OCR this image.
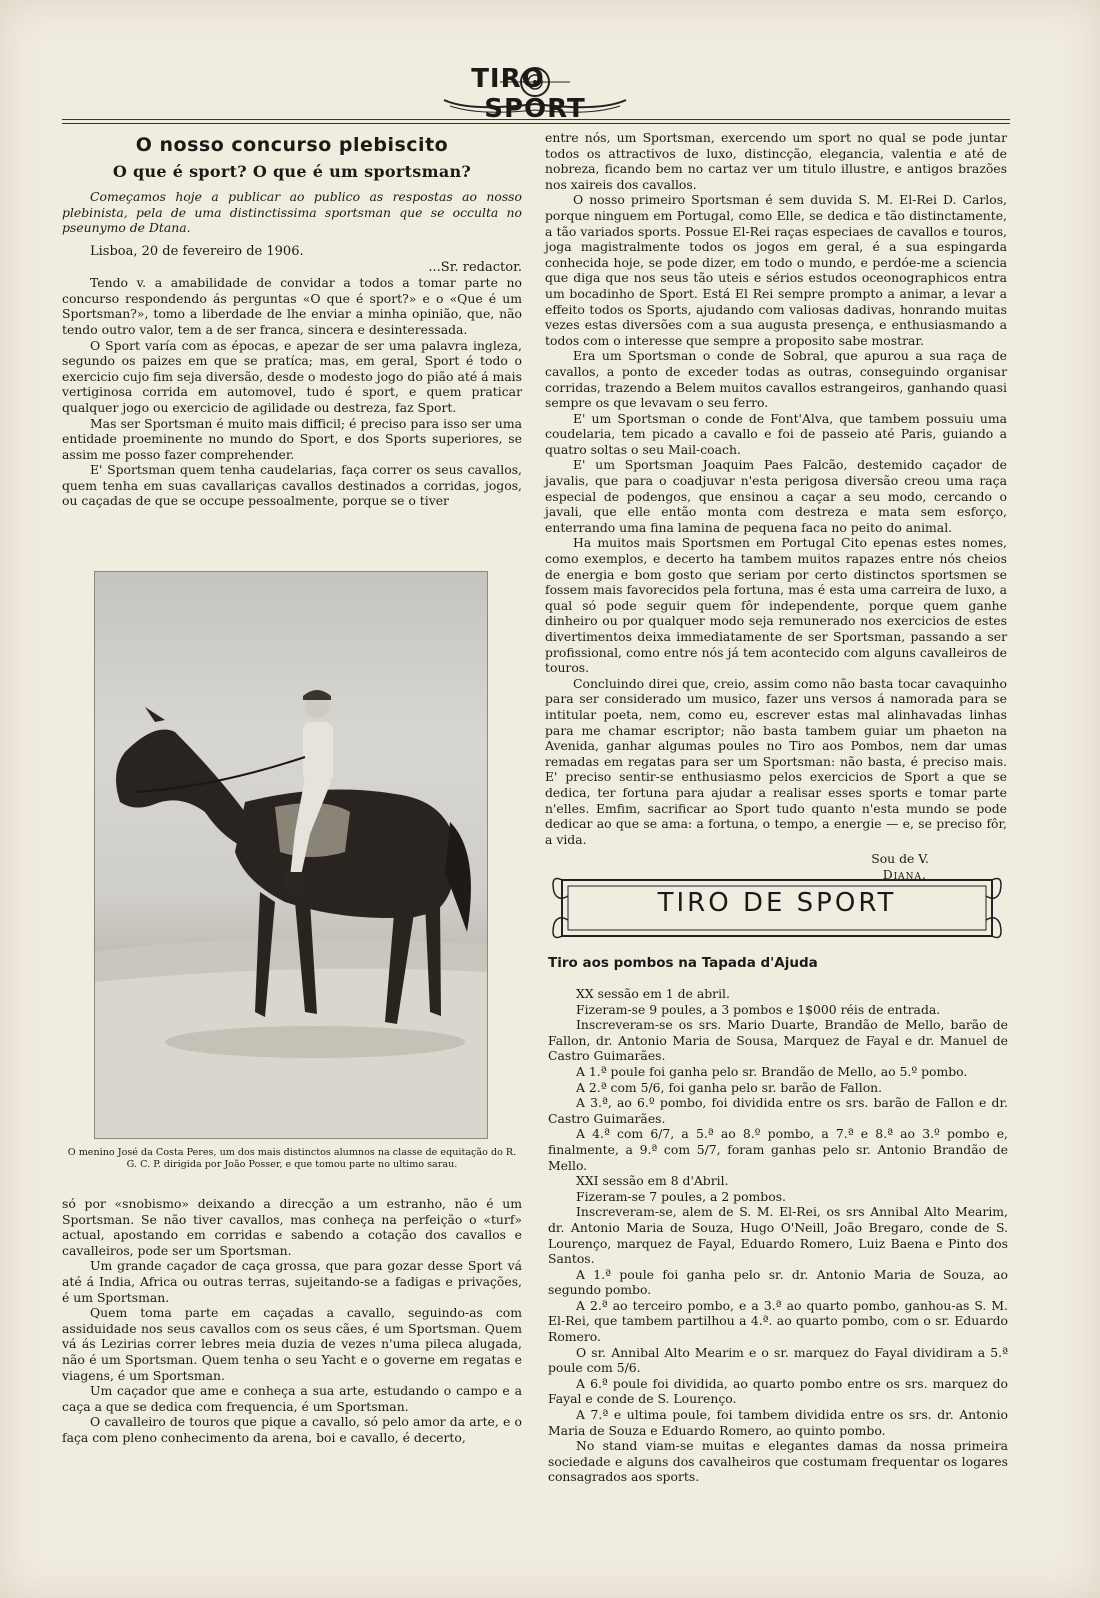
TIRO  SPORT
O nosso concurso plebiscito
O que é sport? O que é um sportsman?

Começamos hoje a publicar ao publico as respostas ao nosso plebinista, pela de uma distinctissima sportsman que se occulta no pseunymo de Dtana.

Lisboa, 20 de fevereiro de 1906.

...Sr. redactor.

Tendo v. a amabilidade de convidar a todos a tomar parte no concurso respondendo ás perguntas «O que é sport?» e o «Que é um Sportsman?», tomo a liberdade de lhe enviar a minha opinião, que, não tendo outro valor, tem a de ser franca, sincera e desinteressada.

O Sport varía com as épocas, e apezar de ser uma palavra ingleza, segundo os paizes em que se pratíca; mas, em geral, Sport é todo o exercicio cujo fim seja diversão, desde o modesto jogo do pião até á mais vertiginosa corrida em automovel, tudo é sport, e quem praticar qualquer jogo ou exercicio de agilidade ou destreza, faz Sport.

Mas ser Sportsman é muito mais difficil; é preciso para isso ser uma entidade proeminente no mundo do Sport, e dos Sports superiores, se assim me posso fazer comprehender.

E' Sportsman quem tenha caudelarias, faça correr os seus cavallos, quem tenha em suas cavallariças cavallos destinados a corridas, jogos, ou caçadas de que se occupe pessoalmente, porque se o tiver

O menino José da Costa Peres, um dos mais distinctos alumnos na classe de equitação do R. G. C. P. dirigida por João Posser, e que tomou parte no ultimo sarau.

só por «snobismo» deixando a direcção a um estranho, não é um Sportsman. Se não tiver cavallos, mas conheça na perfeição o «turf» actual, apostando em corridas e sabendo a cotação dos cavallos e cavalleiros, pode ser um Sportsman.

Um grande caçador de caça grossa, que para gozar desse Sport vá até á India, Africa ou outras terras, sujeitando-se a fadigas e privações, é um Sportsman.

Quem toma parte em caçadas a cavallo, seguindo-as com assiduidade nos seus cavallos com os seus cães, é um Sportsman. Quem vá ás Lezirias correr lebres meia duzia de vezes n'uma pileca alugada, não é um Sportsman. Quem tenha o seu Yacht e o governe em regatas e viagens, é um Sportsman.

Um caçador que ame e conheça a sua arte, estudando o campo e a caça a que se dedica com frequencia, é um Sportsman.

O cavalleiro de touros que pique a cavallo, só pelo amor da arte, e o faça com pleno conhecimento da arena, boi e cavallo, é decerto,

entre nós, um Sportsman, exercendo um sport no qual se pode juntar todos os attractivos de luxo, distincção, elegancia, valentia e até de nobreza, ficando bem no cartaz ver um titulo illustre, e antigos brazões nos xaireis dos cavallos.

O nosso primeiro Sportsman é sem duvida S. M. El-Rei D. Carlos, porque ninguem em Portugal, como Elle, se dedica e tão distinctamente, a tão variados sports. Possue El-Rei raças especiaes de cavallos e touros, joga magistralmente todos os jogos em geral, é a sua espingarda conhecida hoje, se pode dizer, em todo o mundo, e perdóe-me a sciencia que diga que nos seus tão uteis e sérios estudos oceonographicos entra um bocadinho de Sport. Está El Rei sempre prompto a animar, a levar a effeito todos os Sports, ajudando com valiosas dadivas, honrando muitas vezes estas diversões com a sua augusta presença, e enthusiasmando a todos com o interesse que sempre a proposito sabe mostrar.

Era um Sportsman o conde de Sobral, que apurou a sua raça de cavallos, a ponto de exceder todas as outras, conseguindo organisar corridas, trazendo a Belem muitos cavallos estrangeiros, ganhando quasi sempre os que levavam o seu ferro.

E' um Sportsman o conde de Font'Alva, que tambem possuiu uma coudelaria, tem picado a cavallo e foi de passeio até Paris, guiando a quatro soltas o seu Mail-coach.

E' um Sportsman Joaquim Paes Falcão, destemido caçador de javalis, que para o coadjuvar n'esta perigosa diversão creou uma raça especial de podengos, que ensinou a caçar a seu modo, cercando o javali, que elle então monta com destreza e mata sem esforço, enterrando uma fina lamina de pequena faca no peito do animal.

Ha muitos mais Sportsmen em Portugal Cito epenas estes nomes, como exemplos, e decerto ha tambem muitos rapazes entre nós cheios de energia e bom gosto que seriam por certo distinctos sportsmen se fossem mais favorecidos pela fortuna, mas é esta uma carreira de luxo, a qual só pode seguir quem fôr independente, porque quem ganhe dinheiro ou por qualquer modo seja remunerado nos exercicios de estes divertimentos deixa immediatamente de ser Sportsman, passando a ser profissional, como entre nós já tem acontecido com alguns cavalleiros de touros.

Concluindo direi que, creio, assim como não basta tocar cavaquinho para ser considerado um musico, fazer uns versos á namorada para se intitular poeta, nem, como eu, escrever estas mal alinhavadas linhas para me chamar escriptor; não basta tambem guiar um phaeton na Avenida, ganhar algumas poules no Tiro aos Pombos, nem dar umas remadas em regatas para ser um Sportsman: não basta, é preciso mais. E' preciso sentir-se enthusiasmo pelos exercicios de Sport a que se dedica, ter fortuna para ajudar a realisar esses sports e tomar parte n'elles. Emfim, sacrificar ao Sport tudo quanto n'esta mundo se pode dedicar ao que se ama: a fortuna, o tempo, a energie — e, se preciso fôr, a vida.

Sou de V.
Diana.
TIRO DE SPORT
Tiro aos pombos na Tapada d'Ajuda

XX sessão em 1 de abril.

Fizeram-se 9 poules, a 3 pombos e 1$000 réis de entrada.

Inscreveram-se os srs. Mario Duarte, Brandão de Mello, barão de Fallon, dr. Antonio Maria de Sousa, Marquez de Fayal e dr. Manuel de Castro Guimarães.

A 1.ª poule foi ganha pelo sr. Brandão de Mello, ao 5.º pombo.

A 2.ª com 5/6, foi ganha pelo sr. barão de Fallon.

A 3.ª, ao 6.º pombo, foi dividida entre os srs. barão de Fallon e dr. Castro Guimarães.

A 4.ª com 6/7, a 5.ª ao 8.º pombo, a 7.ª e 8.ª ao 3.º pombo e, finalmente, a 9.ª com 5/7, foram ganhas pelo sr. Antonio Brandão de Mello.

XXI sessão em 8 d'Abril.

Fizeram-se 7 poules, a 2 pombos.

Inscreveram-se, alem de S. M. El-Rei, os srs Annibal Alto Mearim, dr. Antonio Maria de Souza, Hugo O'Neill, João Bregaro, conde de S. Lourenço, marquez de Fayal, Eduardo Romero, Luiz Baena e Pinto dos Santos.

A 1.ª poule foi ganha pelo sr. dr. Antonio Maria de Souza, ao segundo pombo.

A 2.ª ao terceiro pombo, e a 3.ª ao quarto pombo, ganhou-as S. M. El-Rei, que tambem partilhou a 4.ª. ao quarto pombo, com o sr. Eduardo Romero.

O sr. Annibal Alto Mearim e o sr. marquez do Fayal dividiram a 5.ª poule com 5/6.

A 6.ª poule foi dividida, ao quarto pombo entre os srs. marquez do Fayal e conde de S. Lourenço.

A 7.ª e ultima poule, foi tambem dividida entre os srs. dr. Antonio Maria de Souza e Eduardo Romero, ao quinto pombo.

No stand viam-se muitas e elegantes damas da nossa primeira sociedade e alguns dos cavalheiros que costumam frequentar os logares consagrados aos sports.
